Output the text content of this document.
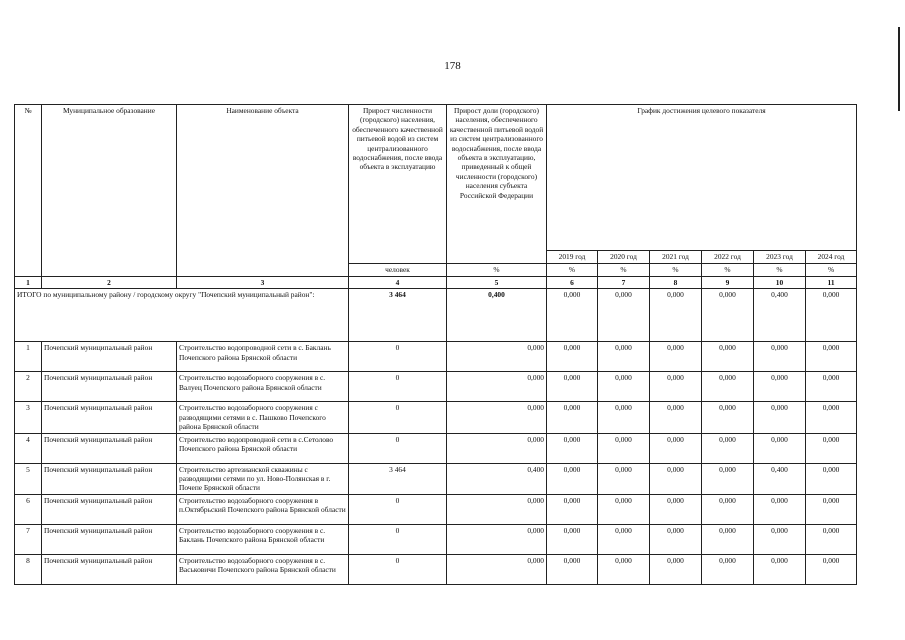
178
№	Муниципальное образование	Наименование объекта	Прирост численности (городского) населения, обеспеченного качественной питьевой водой из систем централизованного водоснабжения, после ввода объекта в эксплуатацию	Прирост доли (городского) населения, обеспеченного качественной питьевой водой из систем централизованного водоснабжения, после ввода объекта в эксплуатацию, приведенный к общей численности (городского) населения субъекта Российской Федерации	График достижения целевого показателя					
					2019 год	2020 год	2021 год	2022 год	2023 год	2024 год
			человек	%	%	%	%	%	%	%
1	2	3	4	5	6	7	8	9	10	11
ИТОГО по муниципальному району / городскому округу "Почепский муниципальный район":			3 464	0,400	0,000	0,000	0,000	0,000	0,400	0,000
1	Почепский муниципальный район	Строительство водопроводной сети в с. Баклань Почепского района Брянской области	0	0,000	0,000	0,000	0,000	0,000	0,000	0,000
2	Почепский муниципальный район	Строительство водозаборного сооружения в с. Валуец Почепского района Брянской области	0	0,000	0,000	0,000	0,000	0,000	0,000	0,000
3	Почепский муниципальный район	Строительство водозаборного сооружения с разводящими сетями в с. Пашково Почепского района Брянской области	0	0,000	0,000	0,000	0,000	0,000	0,000	0,000
4	Почепский муниципальный район	Строительство водопроводной сети в с.Сетолово Почепского района Брянской области	0	0,000	0,000	0,000	0,000	0,000	0,000	0,000
5	Почепский муниципальный район	Строительство артезианской скважины с разводящими сетями по ул. Ново-Полянская в г. Почепе Брянской области	3 464	0,400	0,000	0,000	0,000	0,000	0,400	0,000
6	Почепский муниципальный район	Строительство водозаборного сооружения в п.Октябрьский Почепского района Брянской области	0	0,000	0,000	0,000	0,000	0,000	0,000	0,000
7	Почепский муниципальный район	Строительство водозаборного сооружения в с. Баклань Почепского района Брянской области	0	0,000	0,000	0,000	0,000	0,000	0,000	0,000
8	Почепский муниципальный район	Строительство водозаборного сооружения в с. Васьковичи Почепского района Брянской области	0	0,000	0,000	0,000	0,000	0,000	0,000	0,000
